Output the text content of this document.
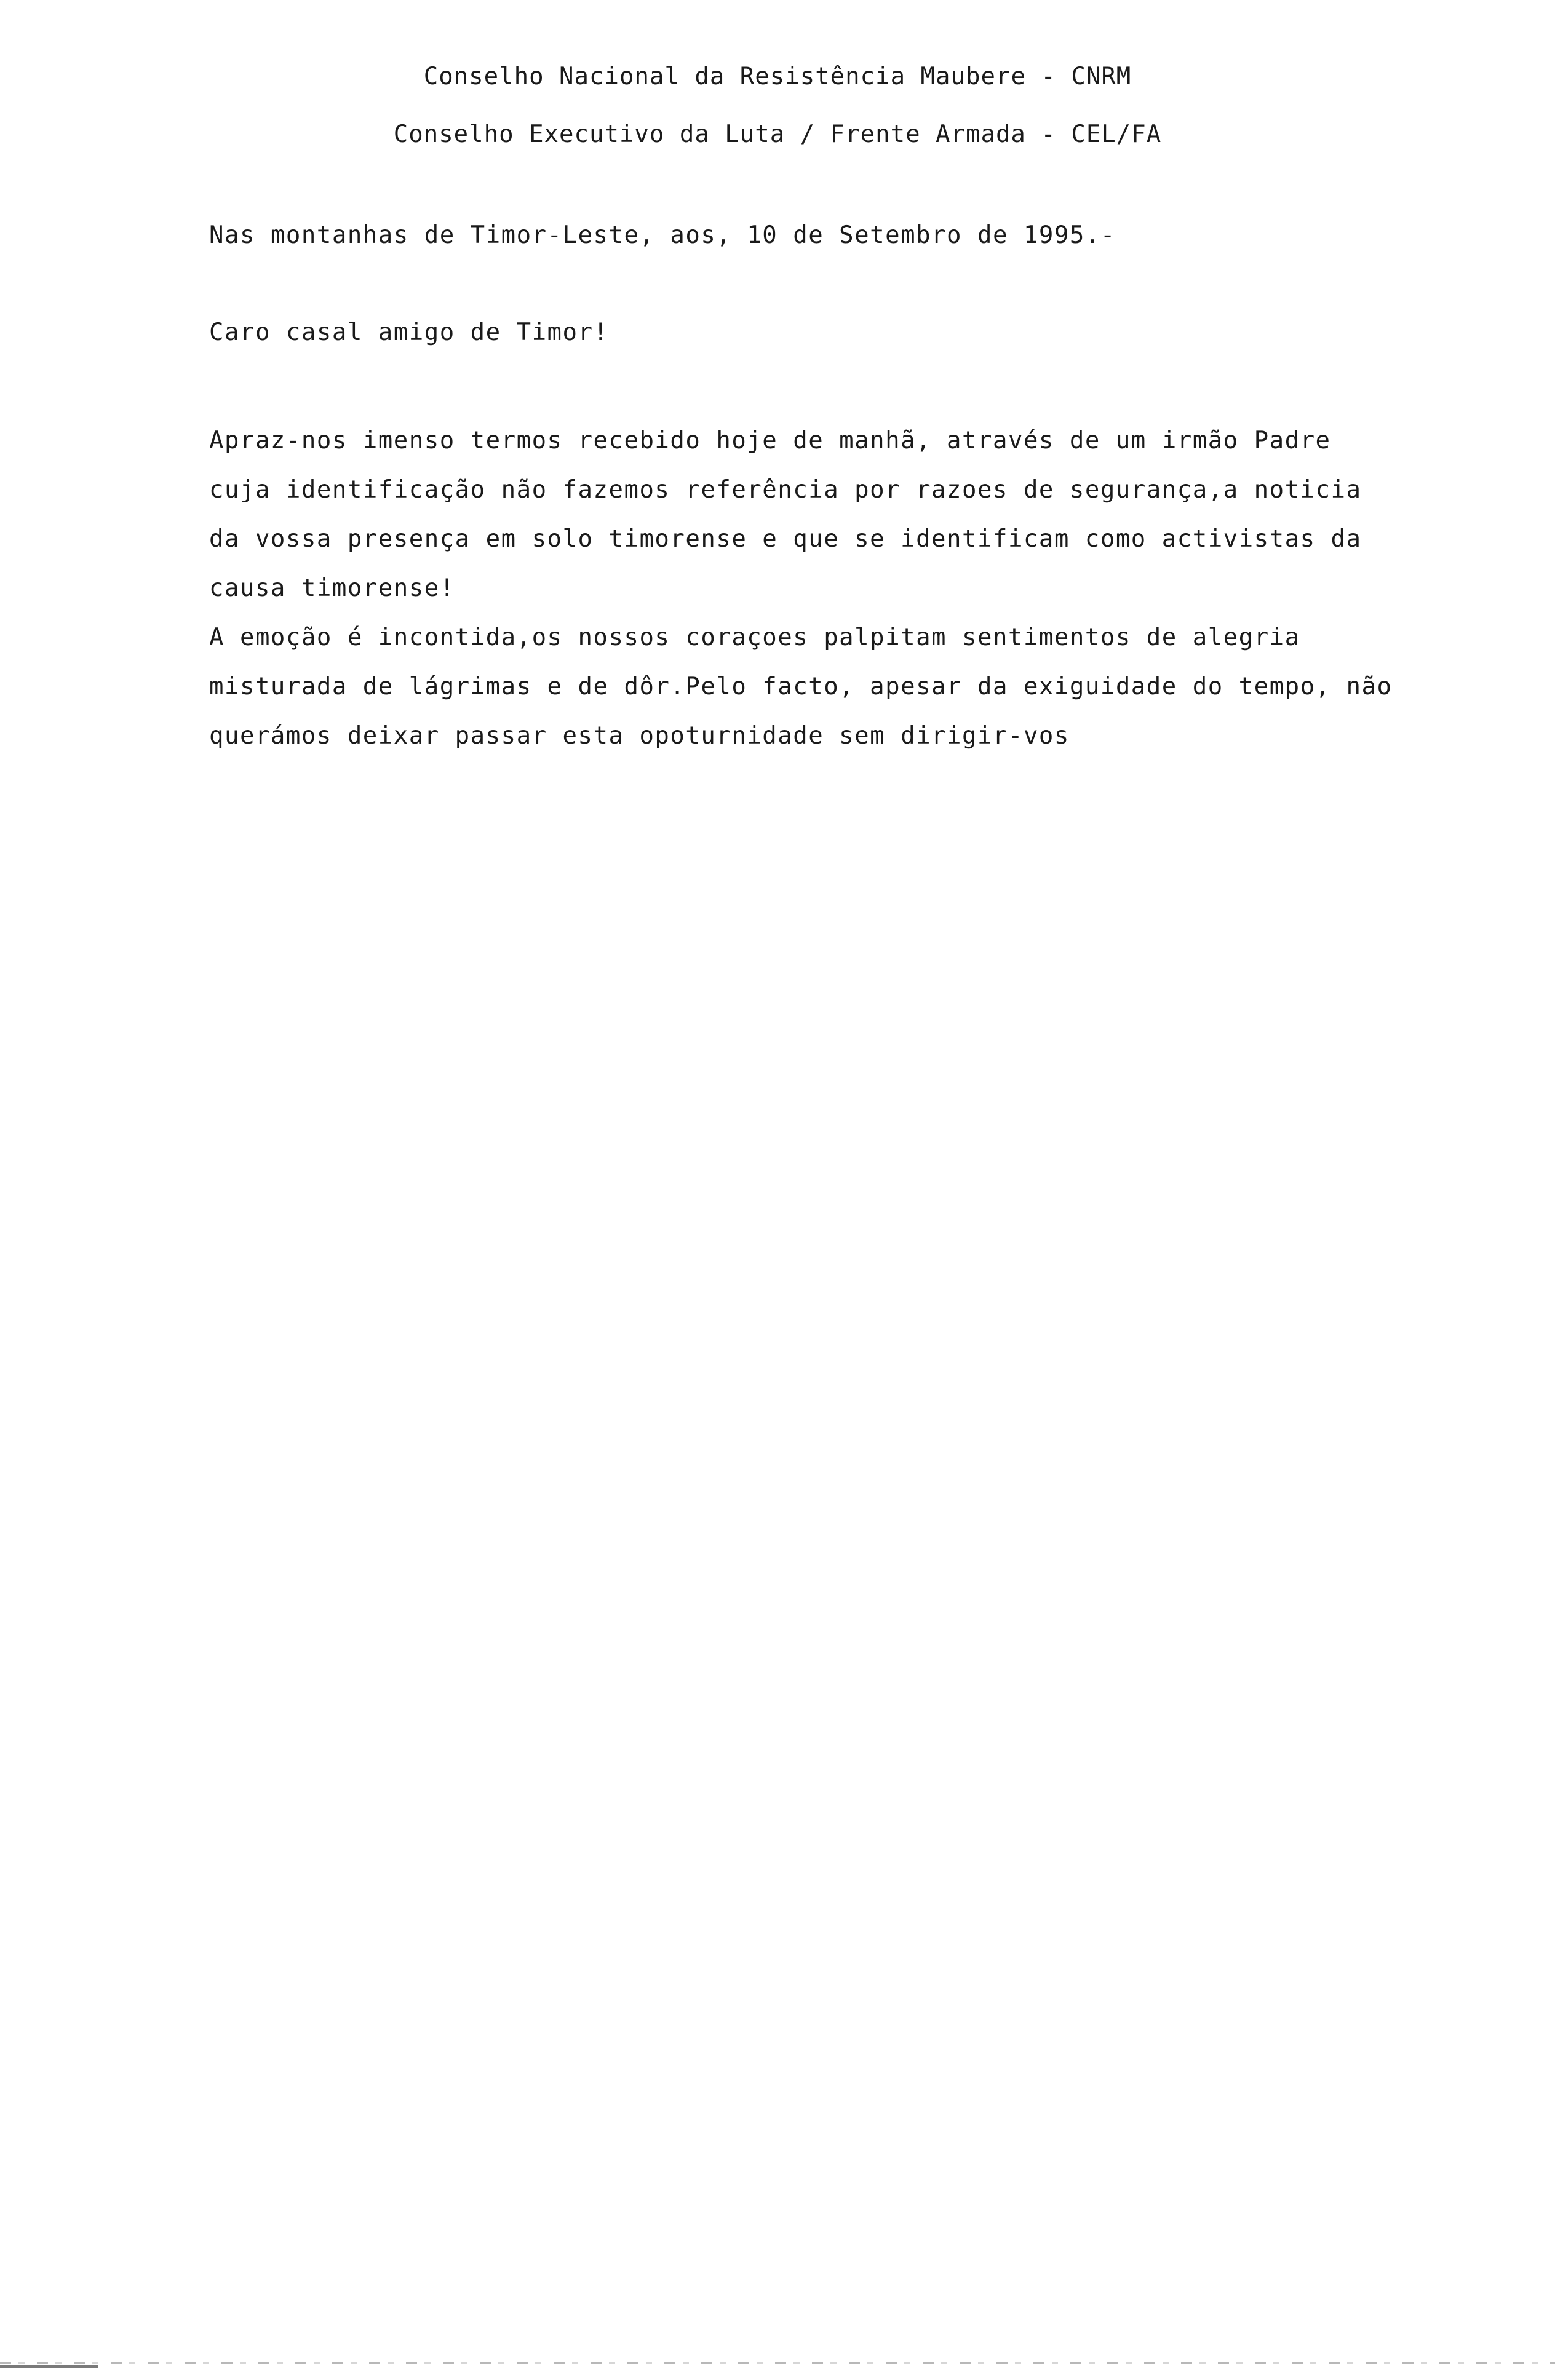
Conselho Nacional da Resistência Maubere - CNRM
Conselho Executivo da Luta / Frente Armada - CEL/FA
Nas montanhas de Timor-Leste, aos, 10 de Setembro de 1995.-
Caro casal amigo de Timor!
Apraz-nos imenso termos recebido hoje de manhã, através de um irmão Padre
cuja identificação não fazemos referência por razoes de segurança,a noticia
da vossa presença em solo timorense e que se identificam como activistas da
causa timorense!
A emoção é incontida,os nossos coraçoes palpitam sentimentos de alegria
misturada de lágrimas e de dôr.Pelo facto, apesar da exiguidade do tempo, não
querámos deixar passar esta opoturnidade sem dirigir-vos
